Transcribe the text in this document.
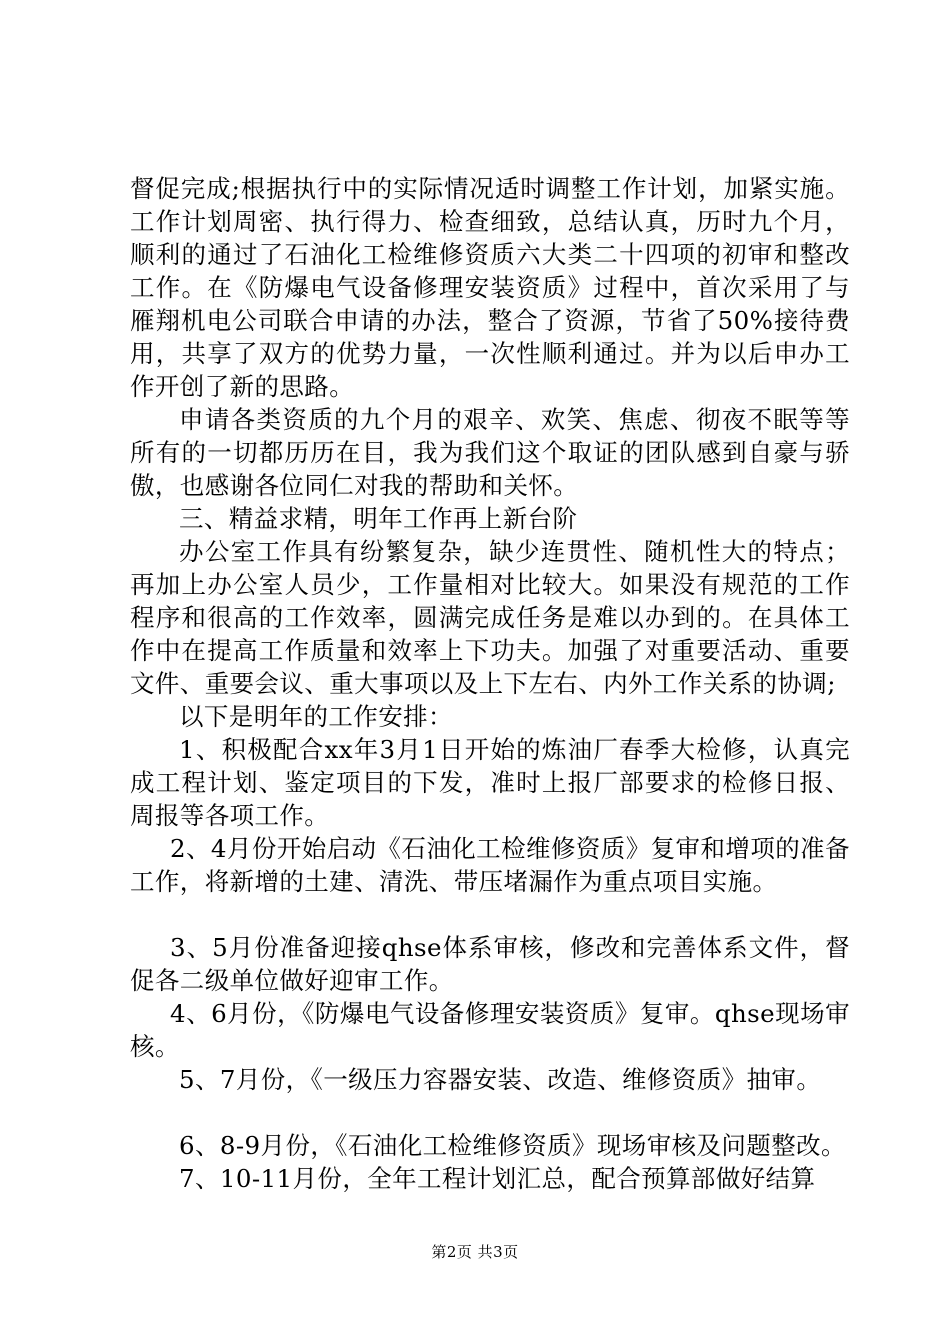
督促完成;根据执行中的实际情况适时调整工作计划，加紧实施。工作计划周密、执行得力、检查细致，总结认真，历时九个月，顺利的通过了石油化工检维修资质六大类二十四项的初审和整改工作。在《防爆电气设备修理安装资质》过程中，首次采用了与雁翔机电公司联合申请的办法，整合了资源，节省了50%接待费用，共享了双方的优势力量，一次性顺利通过。并为以后申办工作开创了新的思路。

申请各类资质的九个月的艰辛、欢笑、焦虑、彻夜不眠等等所有的一切都历历在目，我为我们这个取证的团队感到自豪与骄傲，也感谢各位同仁对我的帮助和关怀。

三、精益求精，明年工作再上新台阶

办公室工作具有纷繁复杂，缺少连贯性、随机性大的特点；再加上办公室人员少，工作量相对比较大。如果没有规范的工作程序和很高的工作效率，圆满完成任务是难以办到的。在具体工作中在提高工作质量和效率上下功夫。加强了对重要活动、重要文件、重要会议、重大事项以及上下左右、内外工作关系的协调;

以下是明年的工作安排：

1、积极配合xx年3月1日开始的炼油厂春季大检修，认真完成工程计划、鉴定项目的下发，准时上报厂部要求的检修日报、周报等各项工作。

2、4月份开始启动《石油化工检维修资质》复审和增项的准备工作，将新增的土建、清洗、带压堵漏作为重点项目实施。

3、5月份准备迎接qhse体系审核，修改和完善体系文件，督促各二级单位做好迎审工作。

4、6月份，《防爆电气设备修理安装资质》复审。qhse现场审核。

5、7月份，《一级压力容器安装、改造、维修资质》抽审。

6、8-9月份，《石油化工检维修资质》现场审核及问题整改。

7、10-11月份，全年工程计划汇总，配合预算部做好结算

第2页 共3页
